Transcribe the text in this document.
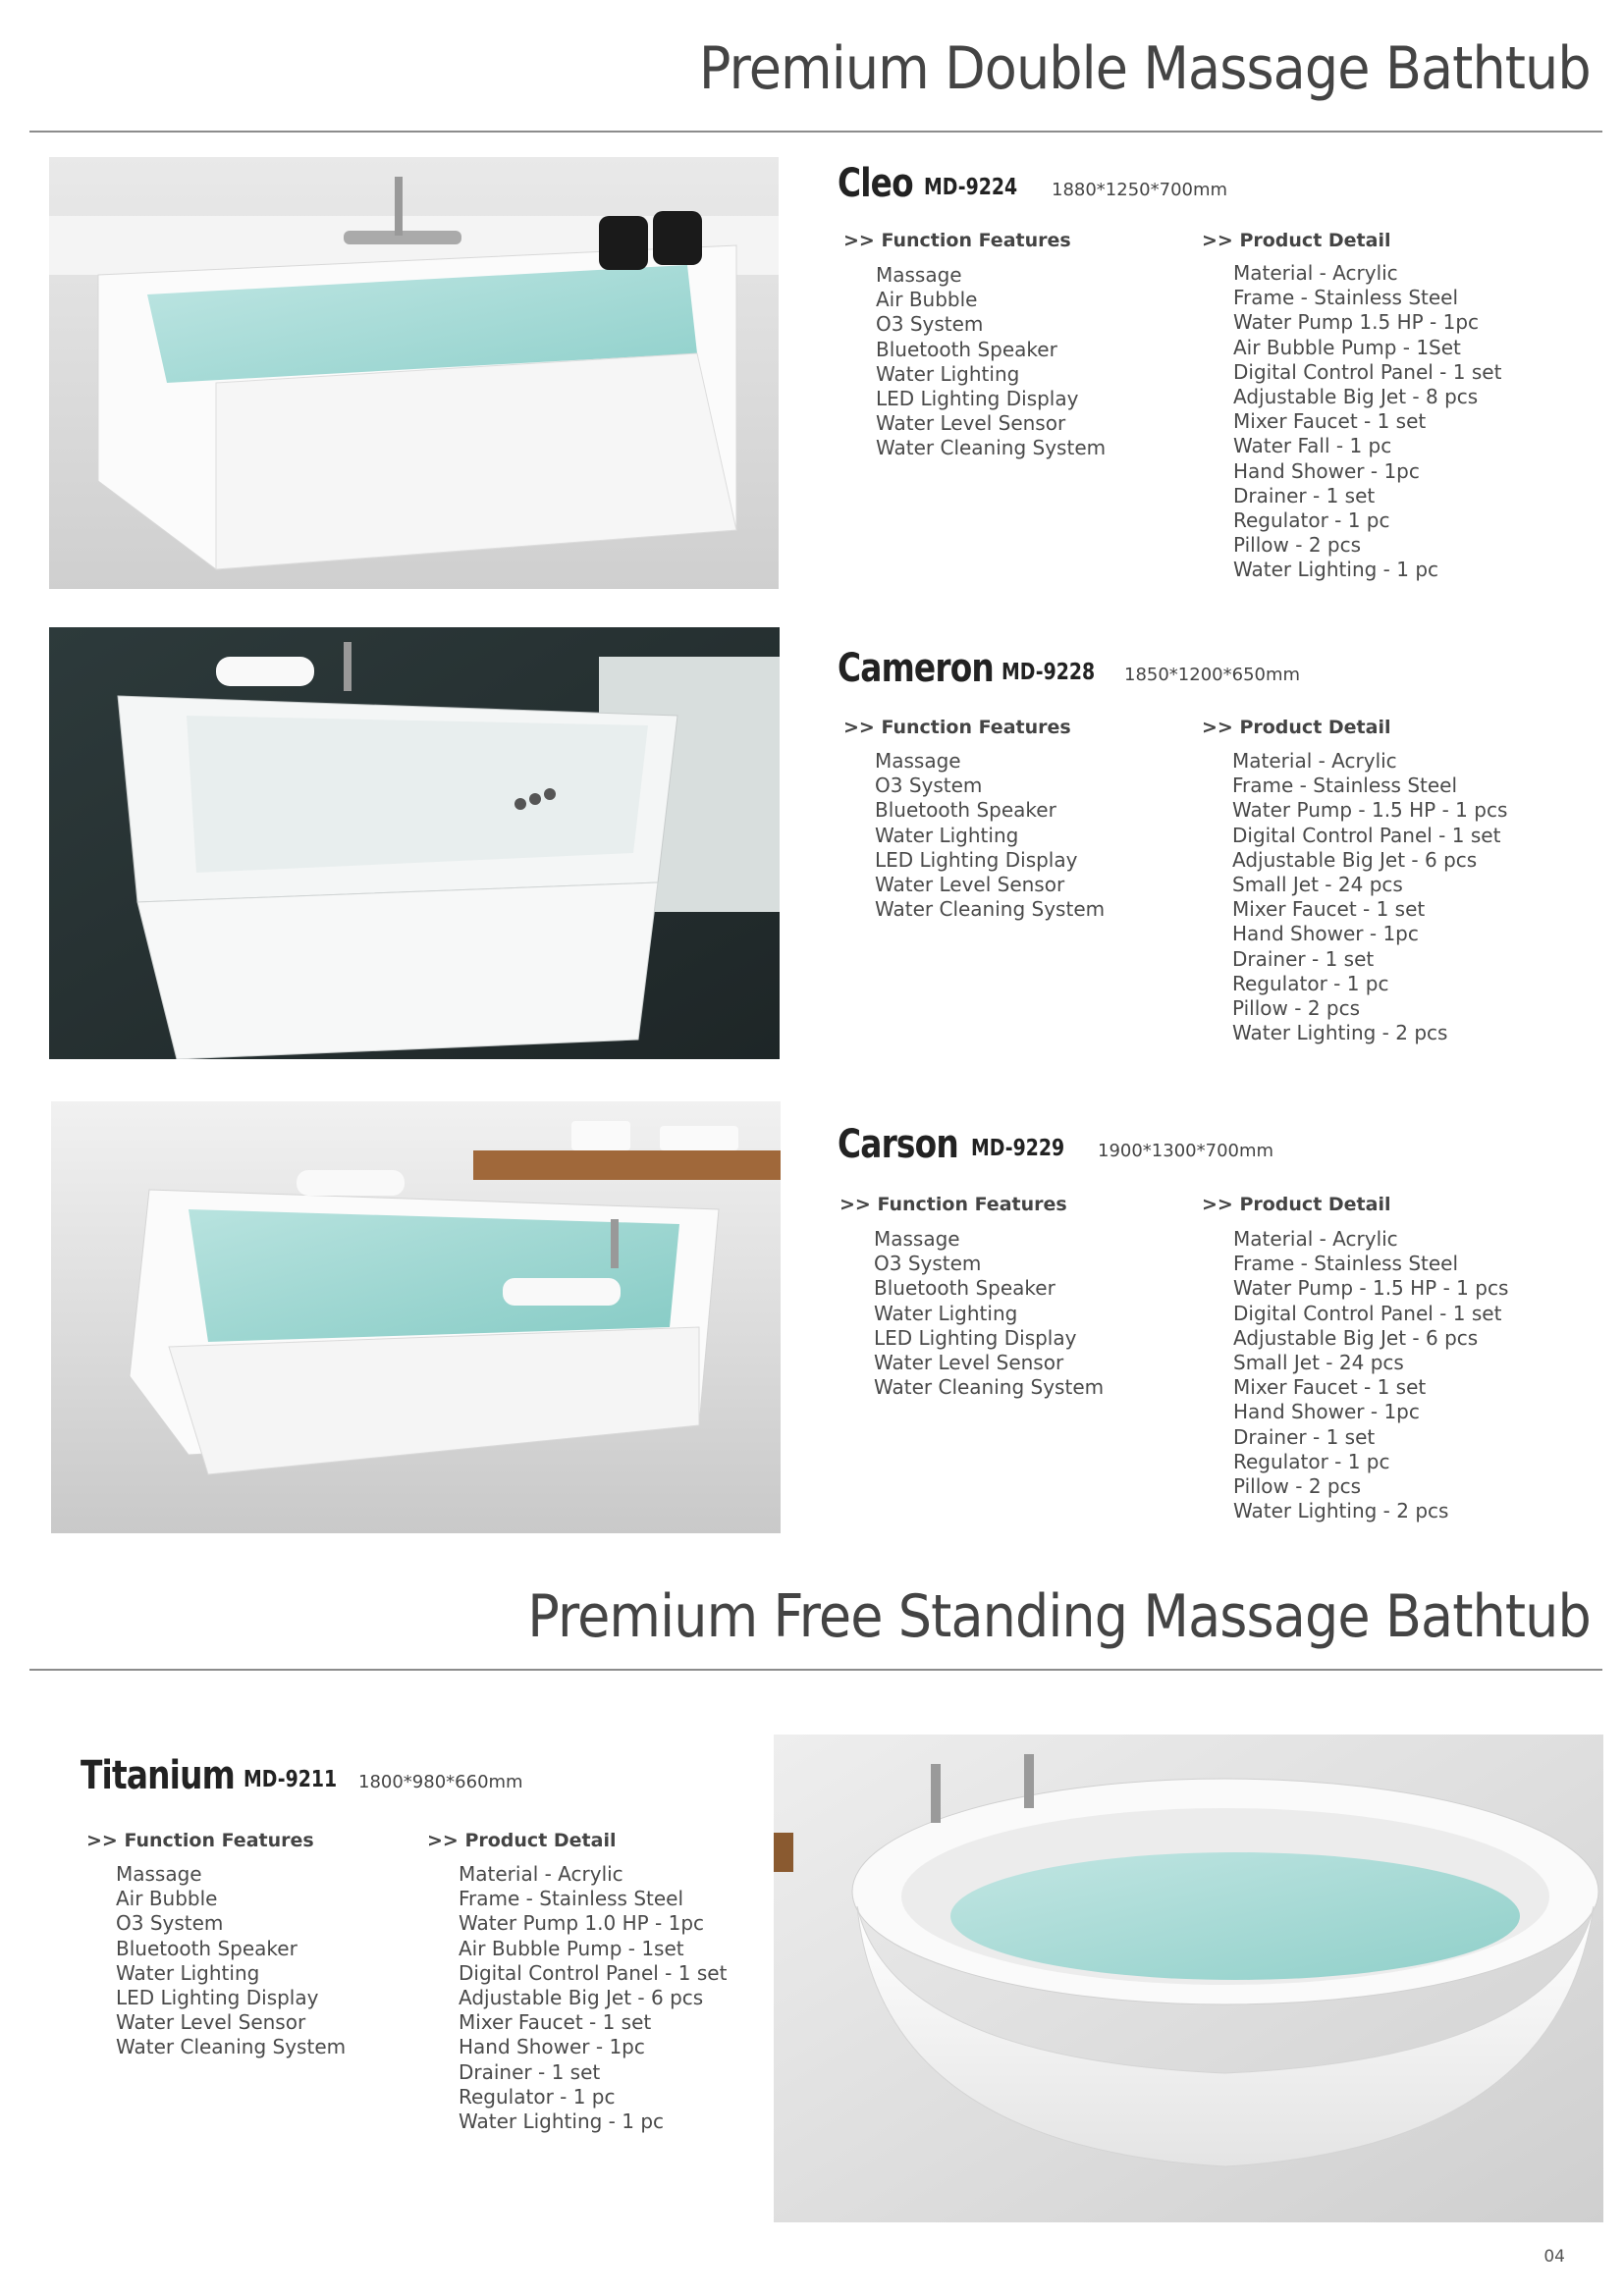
Premium Double Massage Bathtub
Cleo MD-9224 1880*1250*700mm
>> Function Features
Massage
Air Bubble
O3 System
Bluetooth Speaker
Water Lighting
LED Lighting Display
Water Level Sensor
Water Cleaning System
>> Product Detail
Material - Acrylic
Frame - Stainless Steel
Water Pump 1.5 HP - 1pc
Air Bubble Pump - 1Set
Digital Control Panel - 1 set
Adjustable Big Jet - 8 pcs
Mixer Faucet - 1 set
Water Fall - 1 pc
Hand Shower - 1pc
Drainer - 1 set
Regulator - 1 pc
Pillow - 2 pcs
Water Lighting - 1 pc
Cameron MD-9228 1850*1200*650mm
>> Function Features
Massage
O3 System
Bluetooth Speaker
Water Lighting
LED Lighting Display
Water Level Sensor
Water Cleaning System
>> Product Detail
Material - Acrylic
Frame - Stainless Steel
Water Pump - 1.5 HP - 1 pcs
Digital Control Panel - 1 set
Adjustable Big Jet - 6 pcs
Small Jet - 24 pcs
Mixer Faucet - 1 set
Hand Shower - 1pc
Drainer - 1 set
Regulator - 1 pc
Pillow - 2 pcs
Water Lighting - 2 pcs
Carson MD-9229 1900*1300*700mm
>> Function Features
Massage
O3 System
Bluetooth Speaker
Water Lighting
LED Lighting Display
Water Level Sensor
Water Cleaning System
>> Product Detail
Material - Acrylic
Frame - Stainless Steel
Water Pump - 1.5 HP - 1 pcs
Digital Control Panel - 1 set
Adjustable Big Jet - 6 pcs
Small Jet - 24 pcs
Mixer Faucet - 1 set
Hand Shower - 1pc
Drainer - 1 set
Regulator - 1 pc
Pillow - 2 pcs
Water Lighting - 2 pcs
Premium Free Standing Massage Bathtub
Titanium MD-9211 1800*980*660mm
>> Function Features
Massage
Air Bubble
O3 System
Bluetooth Speaker
Water Lighting
LED Lighting Display
Water Level Sensor
Water Cleaning System
>> Product Detail
Material - Acrylic
Frame - Stainless Steel
Water Pump 1.0 HP - 1pc
Air Bubble Pump - 1set
Digital Control Panel - 1 set
Adjustable Big Jet - 6 pcs
Mixer Faucet - 1 set
Hand Shower - 1pc
Drainer - 1 set
Regulator - 1 pc
Water Lighting - 1 pc
04
